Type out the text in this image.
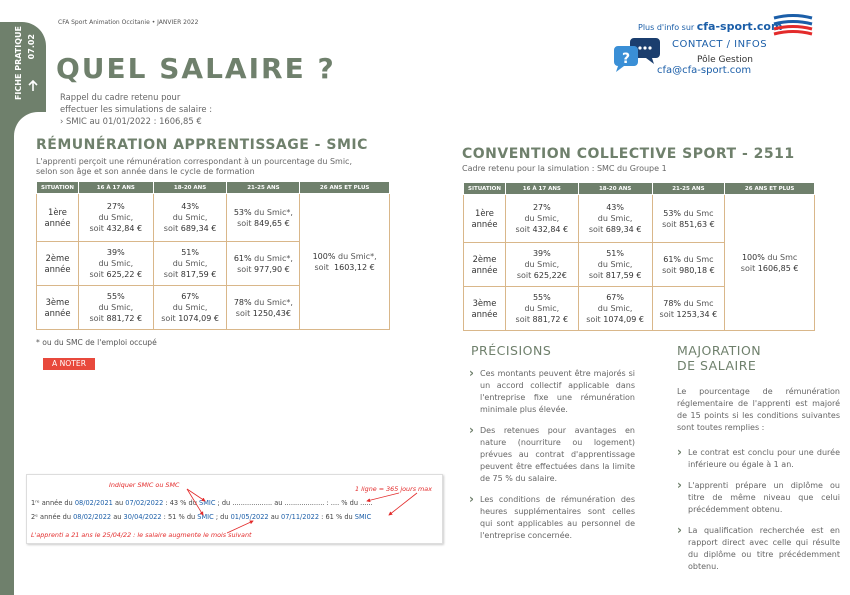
FICHE PRATIQUE 07.02
CFA Sport Animation Occitanie • JANVIER 2022
QUEL SALAIRE ?
Rappel du cadre retenu pour
effectuer les simulations de salaire :
› SMIC au 01/01/2022 : 1606,85 €
Plus d'info sur cfa-sport.com
?
CONTACT / INFOS
Pôle Gestion
cfa@cfa-sport.com
RÉMUNÉRATION APPRENTISSAGE - SMIC
L'apprenti perçoit une rémunération correspondant à un pourcentage du Smic,
selon son âge et son année dans le cycle de formation
SITUATION	16 À 17 ANS	18-20 ANS	21-25 ANS	26 ANS ET PLUS
1ère
année	27%
du Smic,
soit 432,84 €	43%
du Smic,
soit 689,34 €	53% du Smic*,
soit 849,65 €	100% du Smic*,
soit 1603,12 €
2ème
année	39%
du Smic,
soit 625,22 €	51%
du Smic,
soit 817,59 €	61% du Smic*,
soit 977,90 €	
3ème
année	55%
du Smic,
soit 881,72 €	67%
du Smic,
soit 1074,09 €	78% du Smic*,
soit 1250,43€	
* ou du SMC de l'emploi occupé
A NOTER
1ʳᵉ année du 08/02/2021 au 07/02/2022 : 43 % du SMIC ; du ................... au ................... : .... % du ......
2ᵉ année du 08/02/2022 au 30/04/2022 : 51 % du SMIC ; du 01/05/2022 au 07/11/2022 : 61 % du SMIC
Indiquer SMIC ou SMC	1 ligne = 365 jours max
L'apprenti a 21 ans le 25/04/22 : le salaire augmente le mois suivant
CONVENTION COLLECTIVE SPORT - 2511
Cadre retenu pour la simulation : SMC du Groupe 1
SITUATION	16 À 17 ANS	18-20 ANS	21-25 ANS	26 ANS ET PLUS
1ère
année	27%
du Smic,
soit 432,84 €	43%
du Smic,
soit 689,34 €	53% du Smc
soit 851,63 €	100% du Smc
soit 1606,85 €
2ème
année	39%
du Smic,
soit 625,22€	51%
du Smic,
soit 817,59 €	61% du Smc
soit 980,18 €	
3ème
année	55%
du Smic,
soit 881,72 €	67%
du Smic,
soit 1074,09 €	78% du Smc
soit 1253,34 €	
PRÉCISIONS

› Ces montants peuvent être majorés si un accord collectif applicable dans l'entreprise fixe une rémunération minimale plus élevée.

› Des retenues pour avantages en nature (nourriture ou logement) prévues au contrat d'apprentissage peuvent être effectuées dans la limite de 75 % du salaire.

› Les conditions de rémunération des heures supplémentaires sont celles qui sont applicables au personnel de l'entreprise concernée.

MAJORATION
DE SALAIRE
Le pourcentage de rémunération réglementaire de l'apprenti est majoré de 15 points si les conditions suivantes sont toutes remplies :

› Le contrat est conclu pour une durée inférieure ou égale à 1 an.

› L'apprenti prépare un diplôme ou titre de même niveau que celui précédemment obtenu.

› La qualification recherchée est en rapport direct avec celle qui résulte du diplôme ou titre précédemment obtenu.
